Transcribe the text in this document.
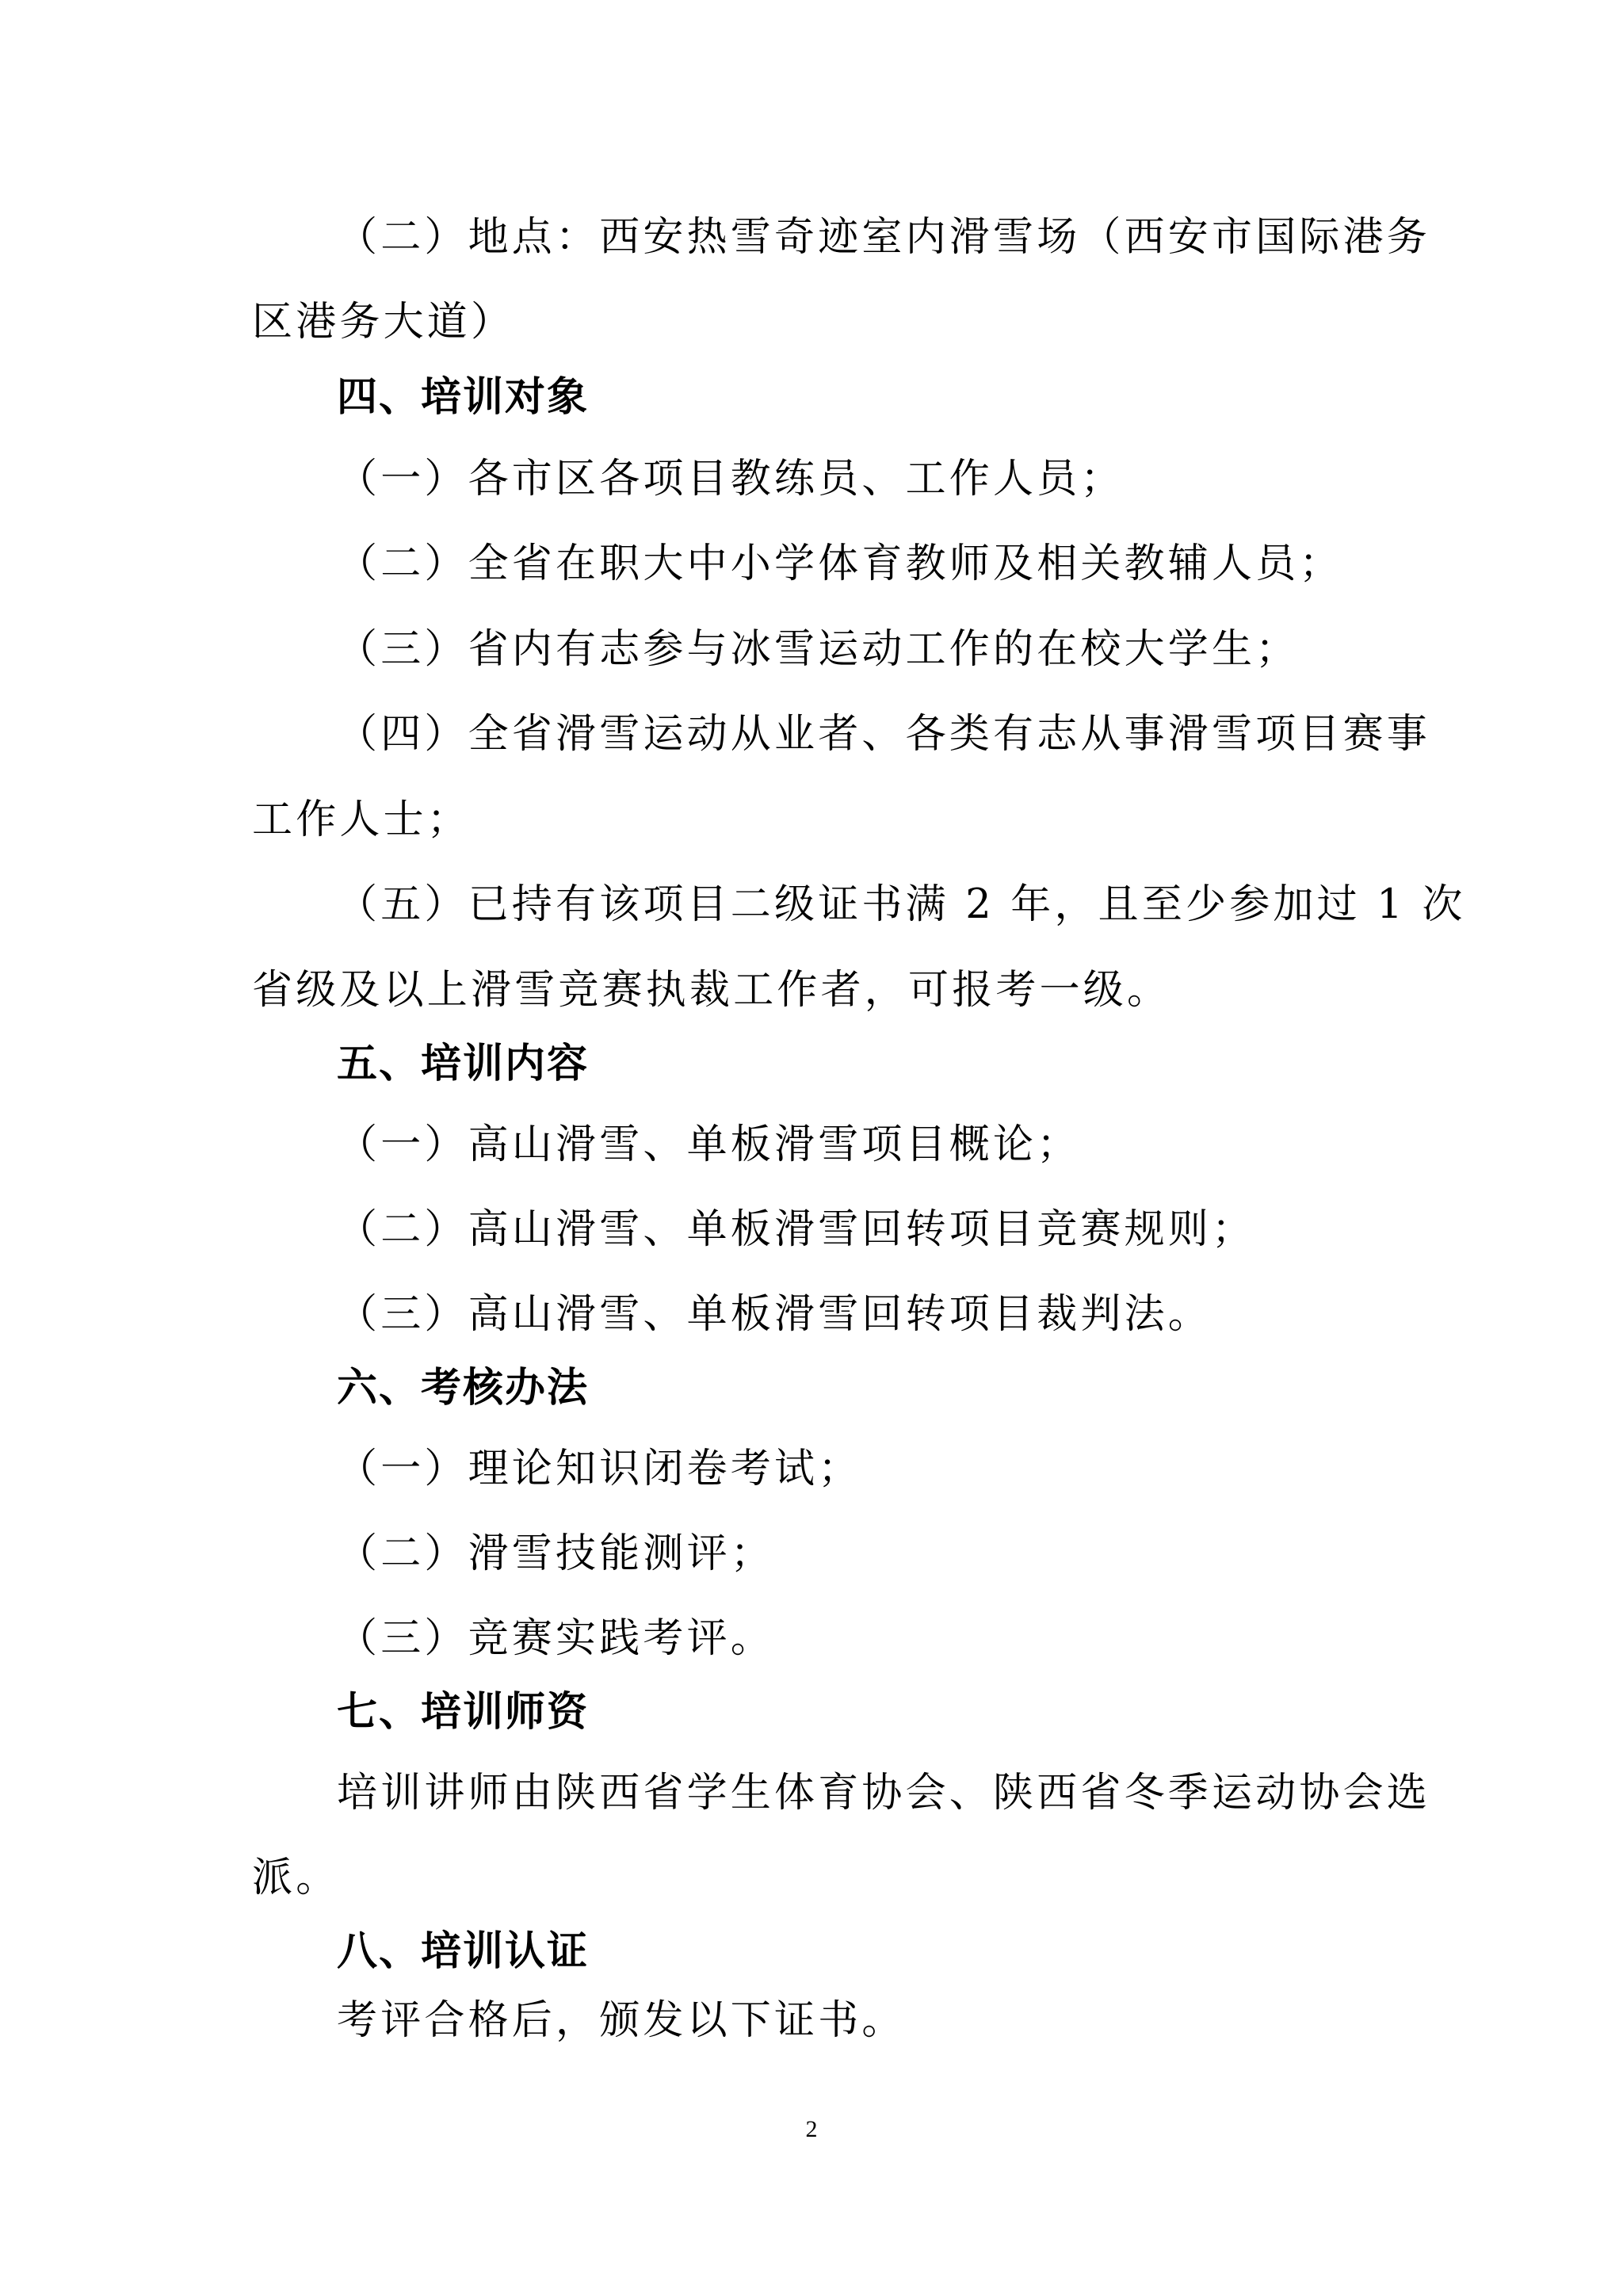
（二）地点：西安热雪奇迹室内滑雪场（西安市国际港务
区港务大道）
四、培训对象
（一）各市区各项目教练员、工作人员；
（二）全省在职大中小学体育教师及相关教辅人员；
（三）省内有志参与冰雪运动工作的在校大学生；
（四）全省滑雪运动从业者、各类有志从事滑雪项目赛事
工作人士；
（五）已持有该项目二级证书满 2 年，且至少参加过 1 次
省级及以上滑雪竞赛执裁工作者，可报考一级。
五、培训内容
（一）高山滑雪、单板滑雪项目概论；
（二）高山滑雪、单板滑雪回转项目竞赛规则；
（三）高山滑雪、单板滑雪回转项目裁判法。
六、考核办法
（一）理论知识闭卷考试；
（二）滑雪技能测评；
（三）竞赛实践考评。
七、培训师资
培训讲师由陕西省学生体育协会、陕西省冬季运动协会选
派。
八、培训认证
考评合格后，颁发以下证书。
2
